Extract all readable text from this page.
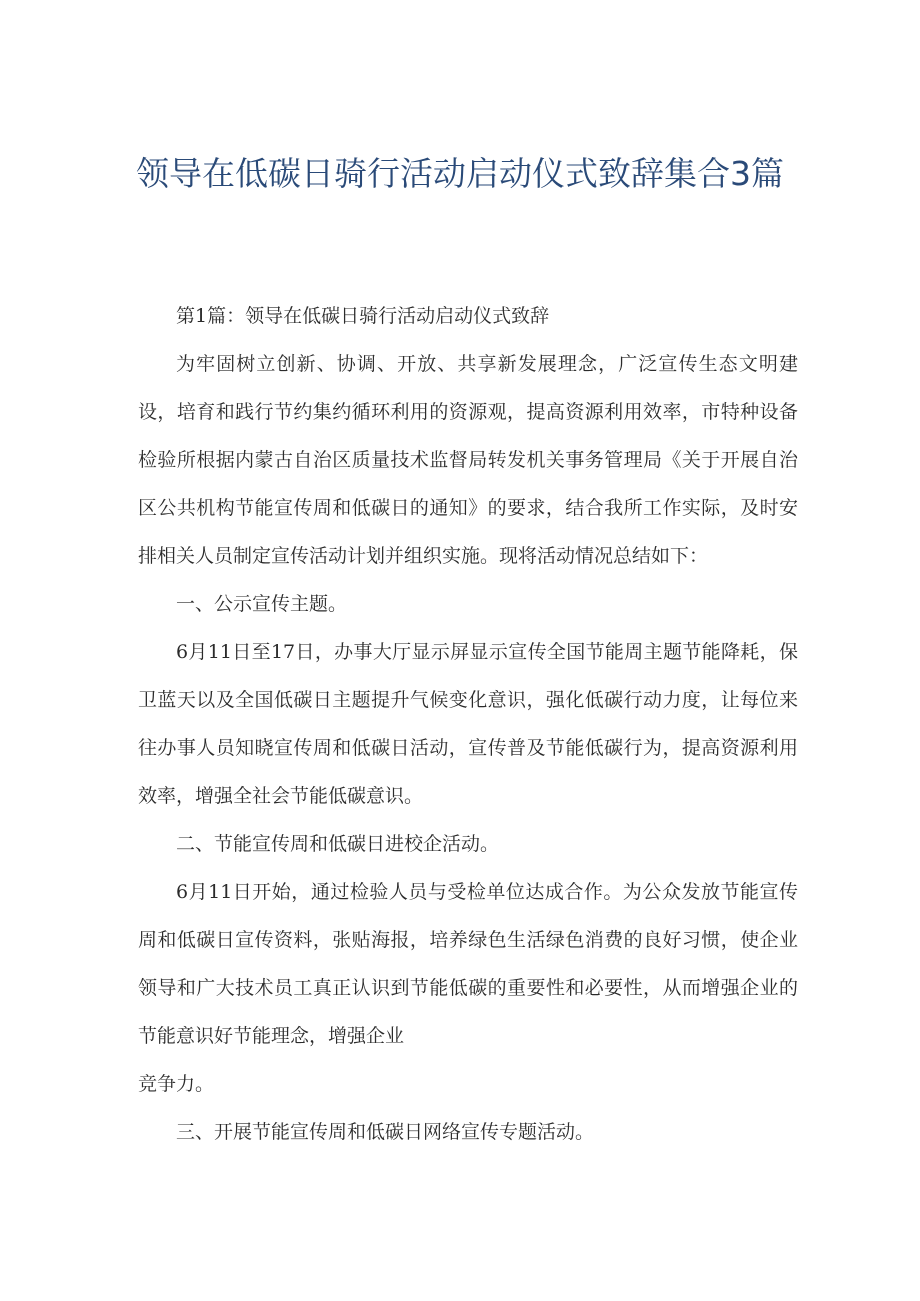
领导在低碳日骑行活动启动仪式致辞集合3篇

第1篇：领导在低碳日骑行活动启动仪式致辞

为牢固树立创新、协调、开放、共享新发展理念，广泛宣传生态文明建设，培育和践行节约集约循环利用的资源观，提高资源利用效率，市特种设备检验所根据内蒙古自治区质量技术监督局转发机关事务管理局《关于开展自治区公共机构节能宣传周和低碳日的通知》的要求，结合我所工作实际，及时安排相关人员制定宣传活动计划并组织实施。现将活动情况总结如下：

一、公示宣传主题。

6月11日至17日，办事大厅显示屏显示宣传全国节能周主题节能降耗，保卫蓝天以及全国低碳日主题提升气候变化意识，强化低碳行动力度，让每位来往办事人员知晓宣传周和低碳日活动，宣传普及节能低碳行为，提高资源利用效率，增强全社会节能低碳意识。

二、节能宣传周和低碳日进校企活动。

6月11日开始，通过检验人员与受检单位达成合作。为公众发放节能宣传周和低碳日宣传资料，张贴海报，培养绿色生活绿色消费的良好习惯，使企业领导和广大技术员工真正认识到节能低碳的重要性和必要性，从而增强企业的节能意识好节能理念，增强企业

竞争力。

三、开展节能宣传周和低碳日网络宣传专题活动。
